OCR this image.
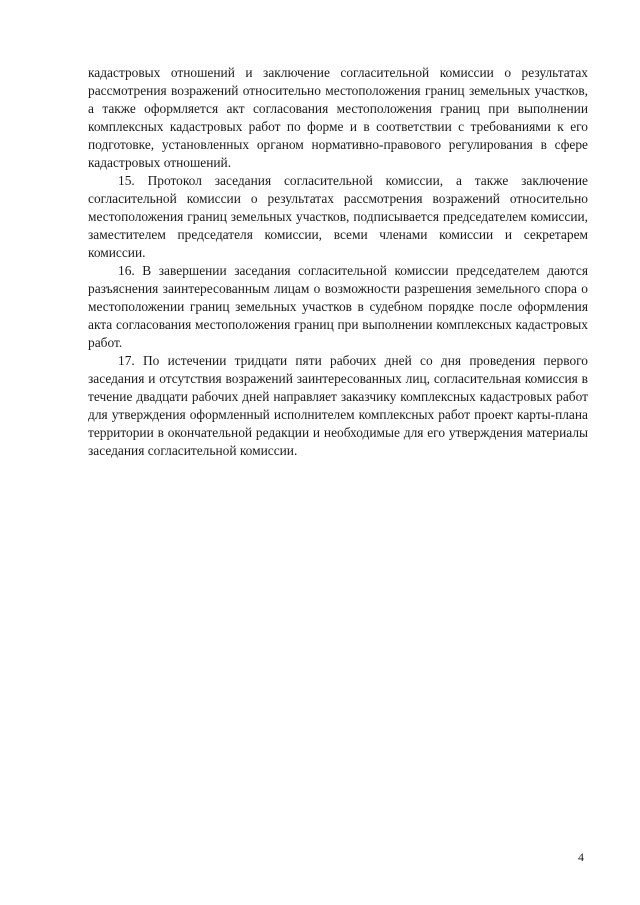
кадастровых отношений и заключение согласительной комиссии о результатах рассмотрения возражений относительно местоположения границ земельных участков, а также оформляется акт согласования местоположения границ при выполнении комплексных кадастровых работ по форме и в соответствии с требованиями к его подготовке, установленных органом нормативно-правового регулирования в сфере кадастровых отношений.

15. Протокол заседания согласительной комиссии, а также заключение согласительной комиссии о результатах рассмотрения возражений относительно местоположения границ земельных участков, подписывается председателем комиссии, заместителем председателя комиссии, всеми членами комиссии и секретарем комиссии.

16. В завершении заседания согласительной комиссии председателем даются разъяснения заинтересованным лицам о возможности разрешения земельного спора о местоположении границ земельных участков в судебном порядке после оформления акта согласования местоположения границ при выполнении комплексных кадастровых работ.

17. По истечении тридцати пяти рабочих дней со дня проведения первого заседания и отсутствия возражений заинтересованных лиц, согласительная комиссия в течение двадцати рабочих дней направляет заказчику комплексных кадастровых работ для утверждения оформленный исполнителем комплексных работ проект карты-плана территории в окончательной редакции и необходимые для его утверждения материалы заседания согласительной комиссии.

4
